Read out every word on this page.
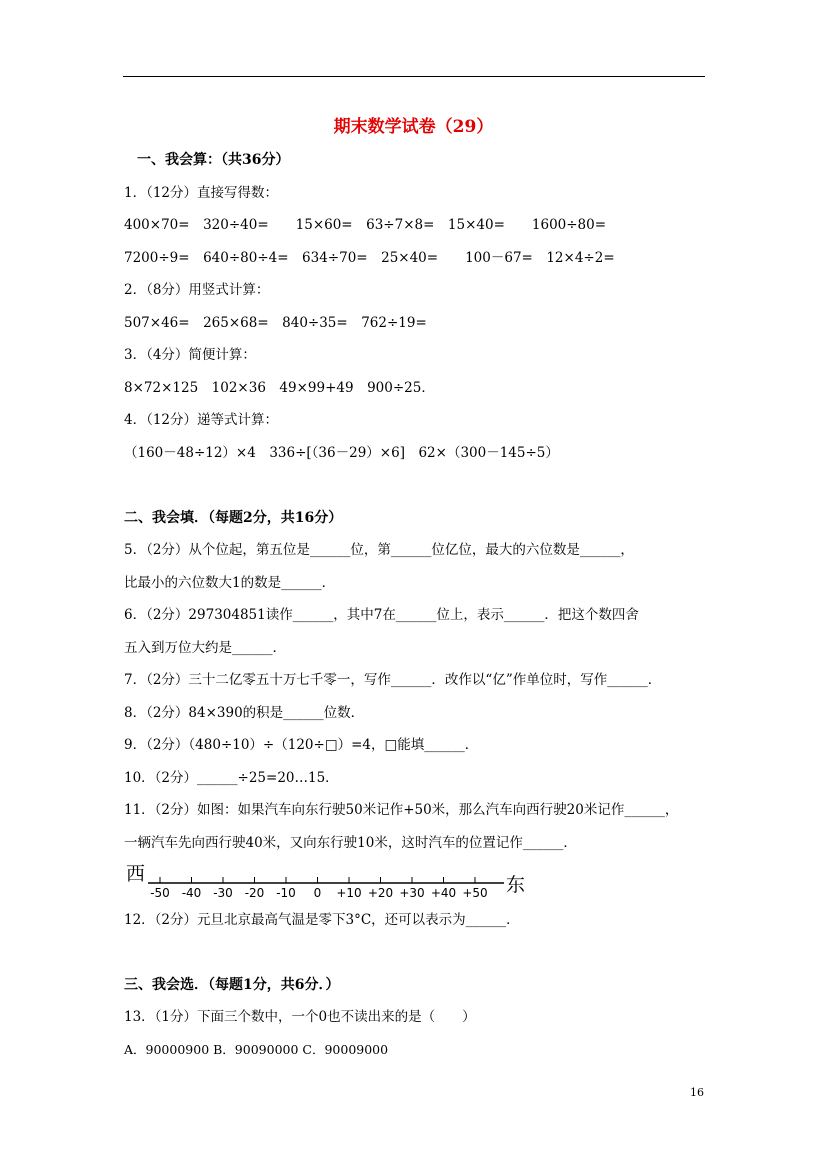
期末数学试卷（29）
一、我会算：（共36分）
1．（12分）直接写得数：
400×70=　320÷40=　　15×60=　63÷7×8=　15×40=　　1600÷80=
7200÷9=　640÷80÷4=　634÷70=　25×40=　　100－67=　12×4÷2=
2．（8分）用竖式计算：
507×46=　265×68=　840÷35=　762÷19=
3．（4分）简便计算：
8×72×125　102×36　49×99+49　900÷25．
4．（12分）递等式计算：
（160－48÷12）×4　336÷[（36－29）×6]　62×（300－145÷5）
二、我会填．（每题2分，共16分）
5．（2分）从个位起，第五位是______位，第______位亿位，最大的六位数是______，
比最小的六位数大1的数是______．
6．（2分）297304851读作______，其中7在______位上，表示______．把这个数四舍
五入到万位大约是______．
7．（2分）三十二亿零五十万七千零一，写作______．改作以“亿”作单位时，写作______．
8．（2分）84×390的积是______位数．
9．（2分）（480÷10）÷（120÷□）=4，□能填______．
10．（2分）______÷25=20…15．
11．（2分）如图：如果汽车向东行驶50米记作+50米，那么汽车向西行驶20米记作______，
一辆汽车先向西行驶40米，又向东行驶10米，这时汽车的位置记作______．
西
-50 -40 -30 -20 -10 0 +10 +20 +30 +40 +50 东
12．（2分）元旦北京最高气温是零下3°C，还可以表示为______．
三、我会选．（每题1分，共6分．）
13．（1分）下面三个数中，一个0也不读出来的是（　　）
A．90000900 B．90090000 C．90009000
16
